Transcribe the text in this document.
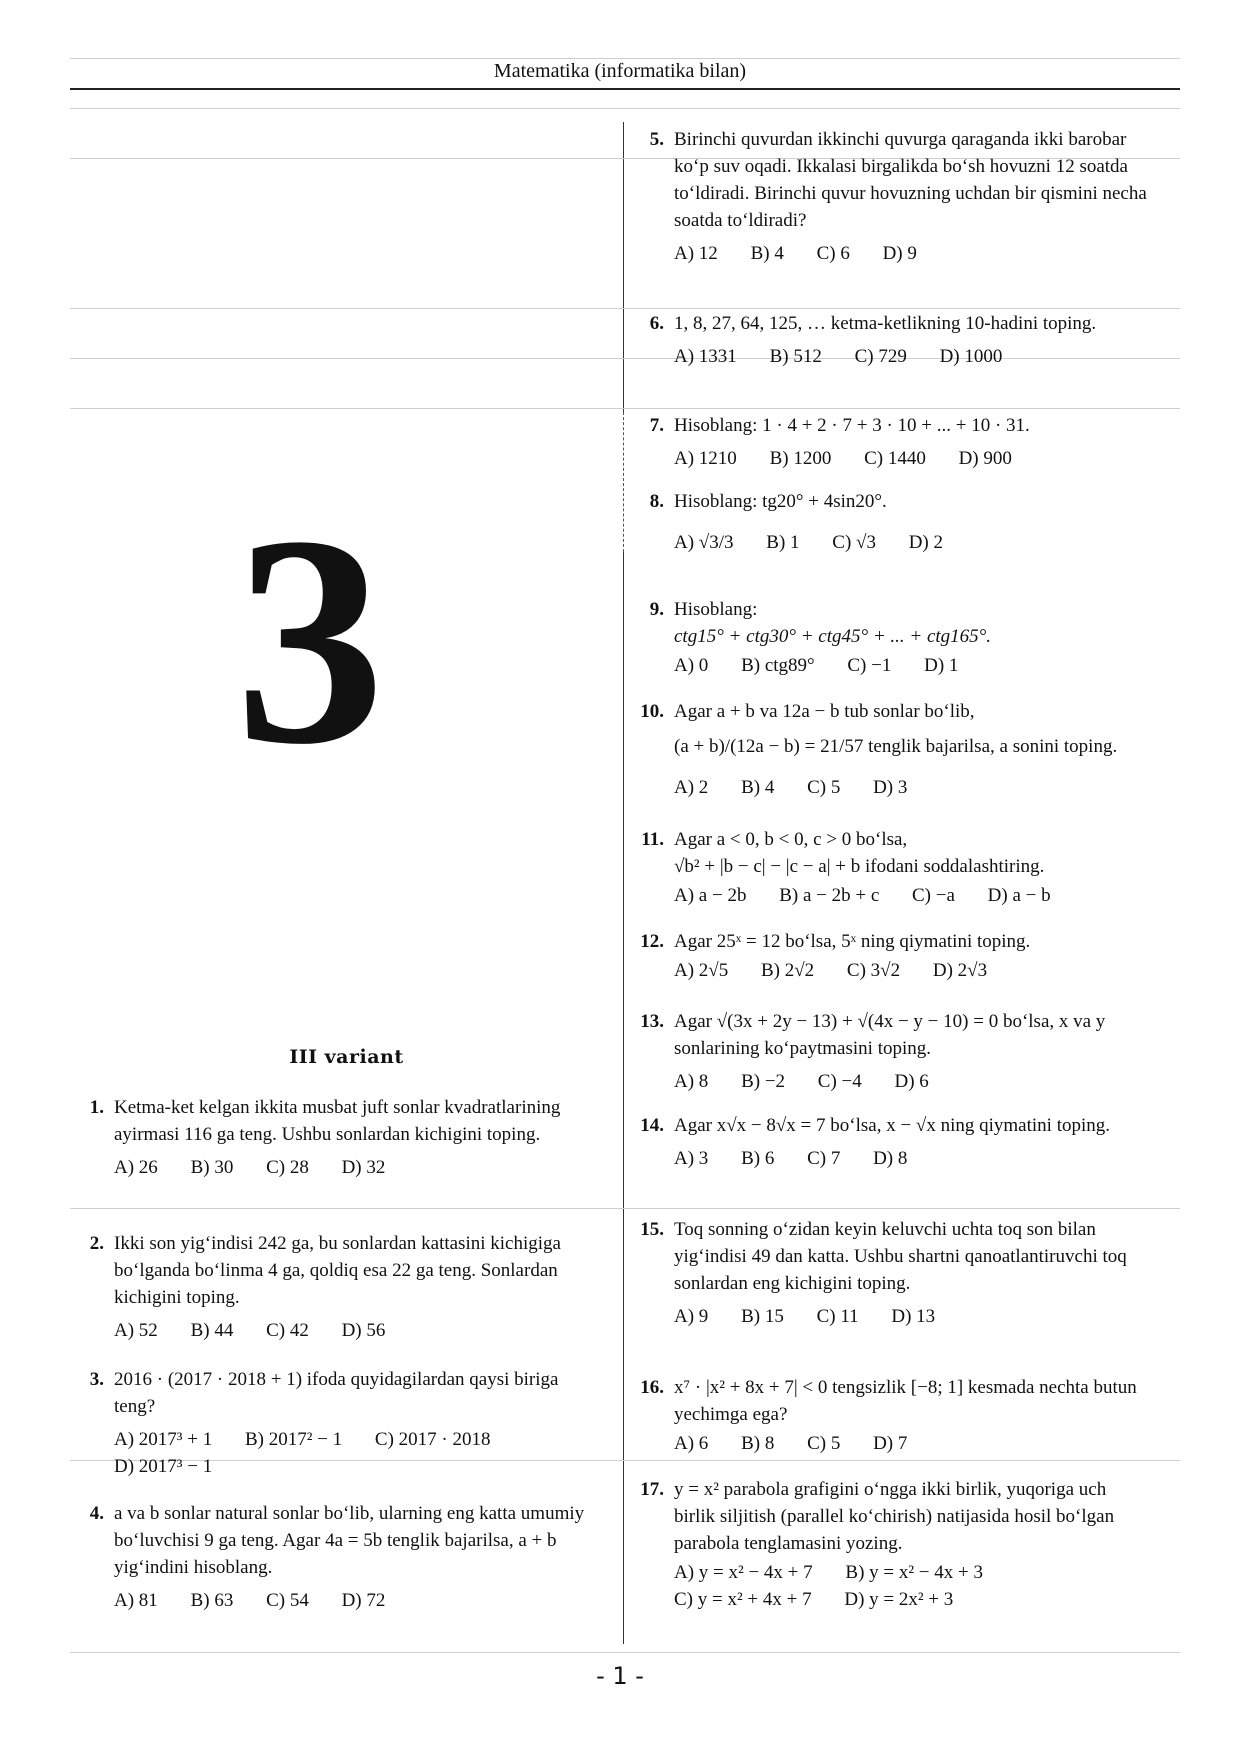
Matematika (informatika bilan)
3
III variant
1. Ketma-ket kelgan ikkita musbat juft sonlar kvadratlarining ayirmasi 116 ga teng. Ushbu sonlardan kichigini toping.
A) 26 B) 30 C) 28 D) 32
2. Ikki son yig‘indisi 242 ga, bu sonlardan kattasini kichigiga bo‘lganda bo‘linma 4 ga, qoldiq esa 22 ga teng. Sonlardan kichigini toping.
A) 52 B) 44 C) 42 D) 56
3. 2016 · (2017 · 2018 + 1) ifoda quyidagilardan qaysi biriga teng?
A) 2017³ + 1 B) 2017² − 1 C) 2017 · 2018
D) 2017³ − 1
4. a va b sonlar natural sonlar bo‘lib, ularning eng katta umumiy bo‘luvchisi 9 ga teng. Agar 4a = 5b tenglik bajarilsa, a + b yig‘indini hisoblang.
A) 81 B) 63 C) 54 D) 72
5. Birinchi quvurdan ikkinchi quvurga qaraganda ikki barobar ko‘p suv oqadi. Ikkalasi birgalikda bo‘sh hovuzni 12 soatda to‘ldiradi. Birinchi quvur hovuzning uchdan bir qismini necha soatda to‘ldiradi?
A) 12 B) 4 C) 6 D) 9
6. 1, 8, 27, 64, 125, … ketma-ketlikning 10-hadini toping.
A) 1331 B) 512 C) 729 D) 1000
7. Hisoblang: 1 · 4 + 2 · 7 + 3 · 10 + ... + 10 · 31.
A) 1210 B) 1200 C) 1440 D) 900
8. Hisoblang: tg20° + 4sin20°.
A) √3/3 B) 1 C) √3 D) 2
9. Hisoblang:
ctg15° + ctg30° + ctg45° + ... + ctg165°.
A) 0 B) ctg89° C) −1 D) 1
10. Agar a + b va 12a − b tub sonlar bo‘lib,
(a + b)/(12a − b) = 21/57 tenglik bajarilsa, a sonini toping.
A) 2 B) 4 C) 5 D) 3
11. Agar a < 0, b < 0, c > 0 bo‘lsa,
√b² + |b − c| − |c − a| + b ifodani soddalashtiring.
A) a − 2b B) a − 2b + c C) −a D) a − b
12. Agar 25ˣ = 12 bo‘lsa, 5ˣ ning qiymatini toping.
A) 2√5 B) 2√2 C) 3√2 D) 2√3
13. Agar √(3x + 2y − 13) + √(4x − y − 10) = 0 bo‘lsa, x va y sonlarining ko‘paytmasini toping.
A) 8 B) −2 C) −4 D) 6
14. Agar x√x − 8√x = 7 bo‘lsa, x − √x ning qiymatini toping.
A) 3 B) 6 C) 7 D) 8
15. Toq sonning o‘zidan keyin keluvchi uchta toq son bilan yig‘indisi 49 dan katta. Ushbu shartni qanoatlantiruvchi toq sonlardan eng kichigini toping.
A) 9 B) 15 C) 11 D) 13
16. x⁷ · |x² + 8x + 7| < 0 tengsizlik [−8; 1] kesmada nechta butun yechimga ega?
A) 6 B) 8 C) 5 D) 7
17. y = x² parabola grafigini o‘ngga ikki birlik, yuqoriga uch birlik siljitish (parallel ko‘chirish) natijasida hosil bo‘lgan parabola tenglamasini yozing.
A) y = x² − 4x + 7 B) y = x² − 4x + 3
C) y = x² + 4x + 7 D) y = 2x² + 3
- 1 -
